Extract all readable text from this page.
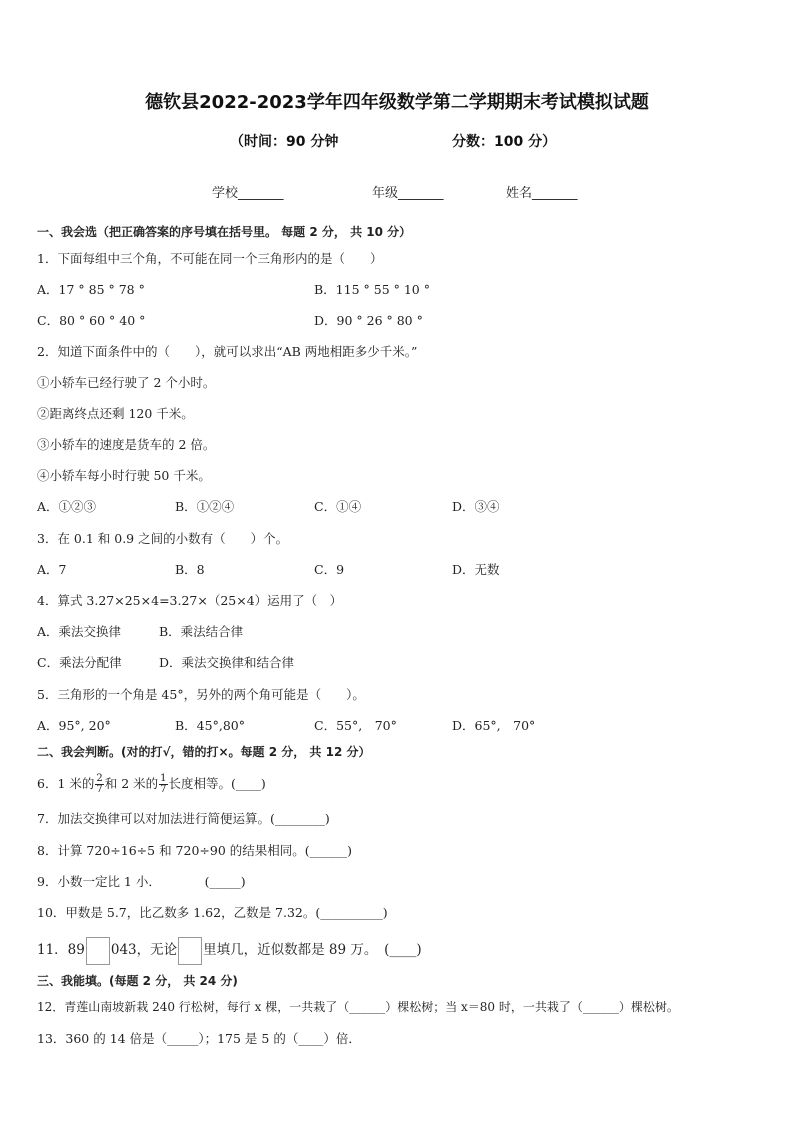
德钦县2022-2023学年四年级数学第二学期期末考试模拟试题
（时间：90 分钟	分数：100 分）
学校_______	年级_______	姓名_______
一、我会选（把正确答案的序号填在括号里。 每题 2 分， 共 10 分）
1．下面每组中三个角，不可能在同一个三角形内的是（　　）
A．17 ° 85 ° 78 °	B．115 ° 55 ° 10 °
C．80 ° 60 ° 40 °	D．90 ° 26 ° 80 °
2．知道下面条件中的（　　），就可以求出“AB 两地相距多少千米。”
①小轿车已经行驶了 2 个小时。
②距离终点还剩 120 千米。
③小轿车的速度是货车的 2 倍。
④小轿车每小时行驶 50 千米。
A．①②③	B．①②④	C．①④	D．③④
3．在 0.1 和 0.9 之间的小数有（　　）个。
A．7	B．8	C．9	D．无数
4．算式 3.27×25×4=3.27×（25×4）运用了（　）
A．乘法交换律	B．乘法结合律
C．乘法分配律	D．乘法交换律和结合律
5．三角形的一个角是 45°，另外的两个角可能是（　　）。
A．95°, 20°	B．45°,80°	C．55°,　70°	D．65°,　70°
二、我会判断。(对的打√，错的打×。每题 2 分， 共 12 分）
6．1 米的 $\frac{2}{7}$ 和 2 米的 $\frac{1}{7}$ 长度相等。(____)
7．加法交换律可以对加法进行简便运算。(________)
8．计算 720÷16÷5 和 720÷90 的结果相同。(______)
9．小数一定比 1 小．　　　　(_____)
10．甲数是 5.7，比乙数多 1.62，乙数是 7.32。(__________)
11．89 043，无论 里填几，近似数都是 89 万。　(____)
三、我能填。(每题 2 分， 共 24 分)
12．青莲山南坡新栽 240 行松树，每行 x 棵，一共栽了（______）棵松树；当 x＝80 时，一共栽了（______）棵松树。
13．360 的 14 倍是（_____）；175 是 5 的（____）倍．
